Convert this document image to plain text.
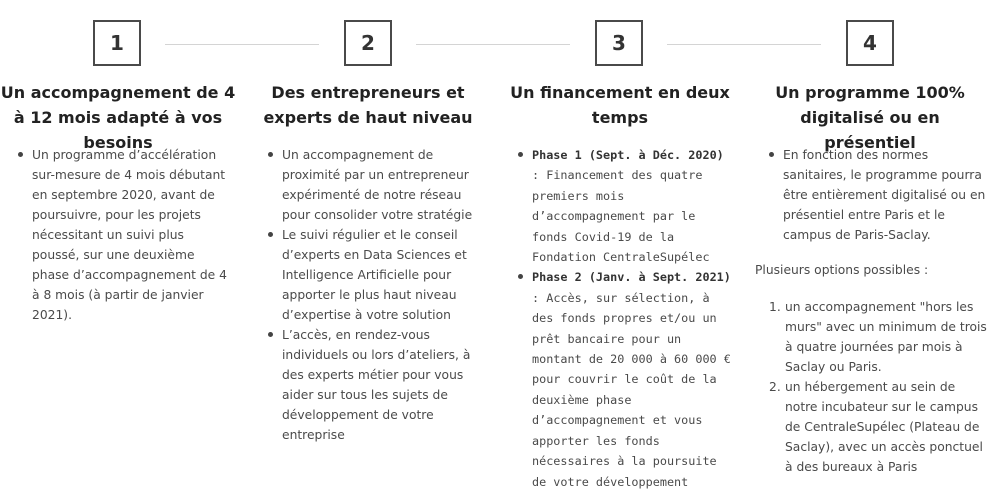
1
Un accompagnement de 4 à 12 mois adapté à vos besoins
Un programme d’accélération sur-mesure de 4 mois débutant en septembre 2020, avant de poursuivre, pour les projets nécessitant un suivi plus poussé, sur une deuxième phase d’accompagnement de 4 à 8 mois (à partir de janvier 2021).
2
Des entrepreneurs et experts de haut niveau
Un accompagnement de proximité par un entrepreneur expérimenté de notre réseau pour consolider votre stratégie
Le suivi régulier et le conseil d’experts en Data Sciences et Intelligence Artificielle pour apporter le plus haut niveau d’expertise à votre solution
L’accès, en rendez-vous individuels ou lors d’ateliers, à des experts métier pour vous aider sur tous les sujets de développement de votre entreprise
3
Un financement en deux temps
Phase 1 (Sept. à Déc. 2020) : Financement des quatre premiers mois d’accompagnement par le fonds Covid-19 de la Fondation CentraleSupélec
Phase 2 (Janv. à Sept. 2021) : Accès, sur sélection, à des fonds propres et/ou un prêt bancaire pour un montant de 20 000 à 60 000 € pour couvrir le coût de la deuxième phase d’accompagnement et vous apporter les fonds nécessaires à la poursuite de votre développement
4
Un programme 100% digitalisé ou en présentiel
En fonction des normes sanitaires, le programme pourra être entièrement digitalisé ou en présentiel entre Paris et le campus de Paris-Saclay.
Plusieurs options possibles :
1. un accompagnement "hors les murs" avec un minimum de trois à quatre journées par mois à Saclay ou Paris.
2. un hébergement au sein de notre incubateur sur le campus de CentraleSupélec (Plateau de Saclay), avec un accès ponctuel à des bureaux à Paris
